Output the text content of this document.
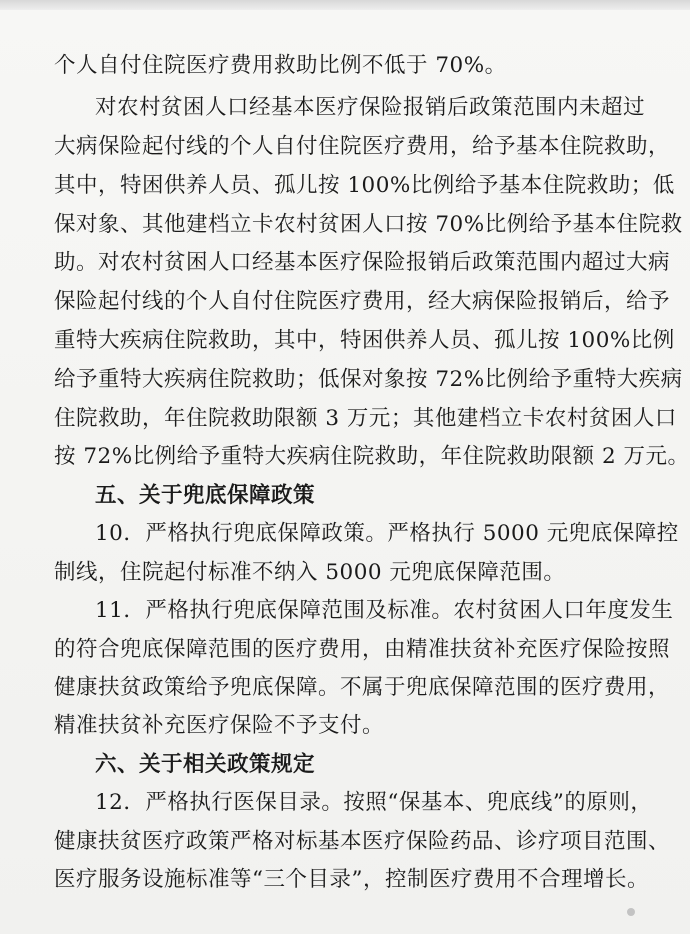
个人自付住院医疗费用救助比例不低于 70%。
对农村贫困人口经基本医疗保险报销后政策范围内未超过
大病保险起付线的个人自付住院医疗费用，给予基本住院救助，
其中，特困供养人员、孤儿按 100%比例给予基本住院救助；低
保对象、其他建档立卡农村贫困人口按 70%比例给予基本住院救
助。对农村贫困人口经基本医疗保险报销后政策范围内超过大病
保险起付线的个人自付住院医疗费用，经大病保险报销后，给予
重特大疾病住院救助，其中，特困供养人员、孤儿按 100%比例
给予重特大疾病住院救助；低保对象按 72%比例给予重特大疾病
住院救助，年住院救助限额 3 万元；其他建档立卡农村贫困人口
按 72%比例给予重特大疾病住院救助，年住院救助限额 2 万元。
五、关于兜底保障政策
10．严格执行兜底保障政策。严格执行 5000 元兜底保障控
制线，住院起付标准不纳入 5000 元兜底保障范围。
11．严格执行兜底保障范围及标准。农村贫困人口年度发生
的符合兜底保障范围的医疗费用，由精准扶贫补充医疗保险按照
健康扶贫政策给予兜底保障。不属于兜底保障范围的医疗费用，
精准扶贫补充医疗保险不予支付。
六、关于相关政策规定
12．严格执行医保目录。按照“保基本、兜底线”的原则，
健康扶贫医疗政策严格对标基本医疗保险药品、诊疗项目范围、
医疗服务设施标准等“三个目录”，控制医疗费用不合理增长。
